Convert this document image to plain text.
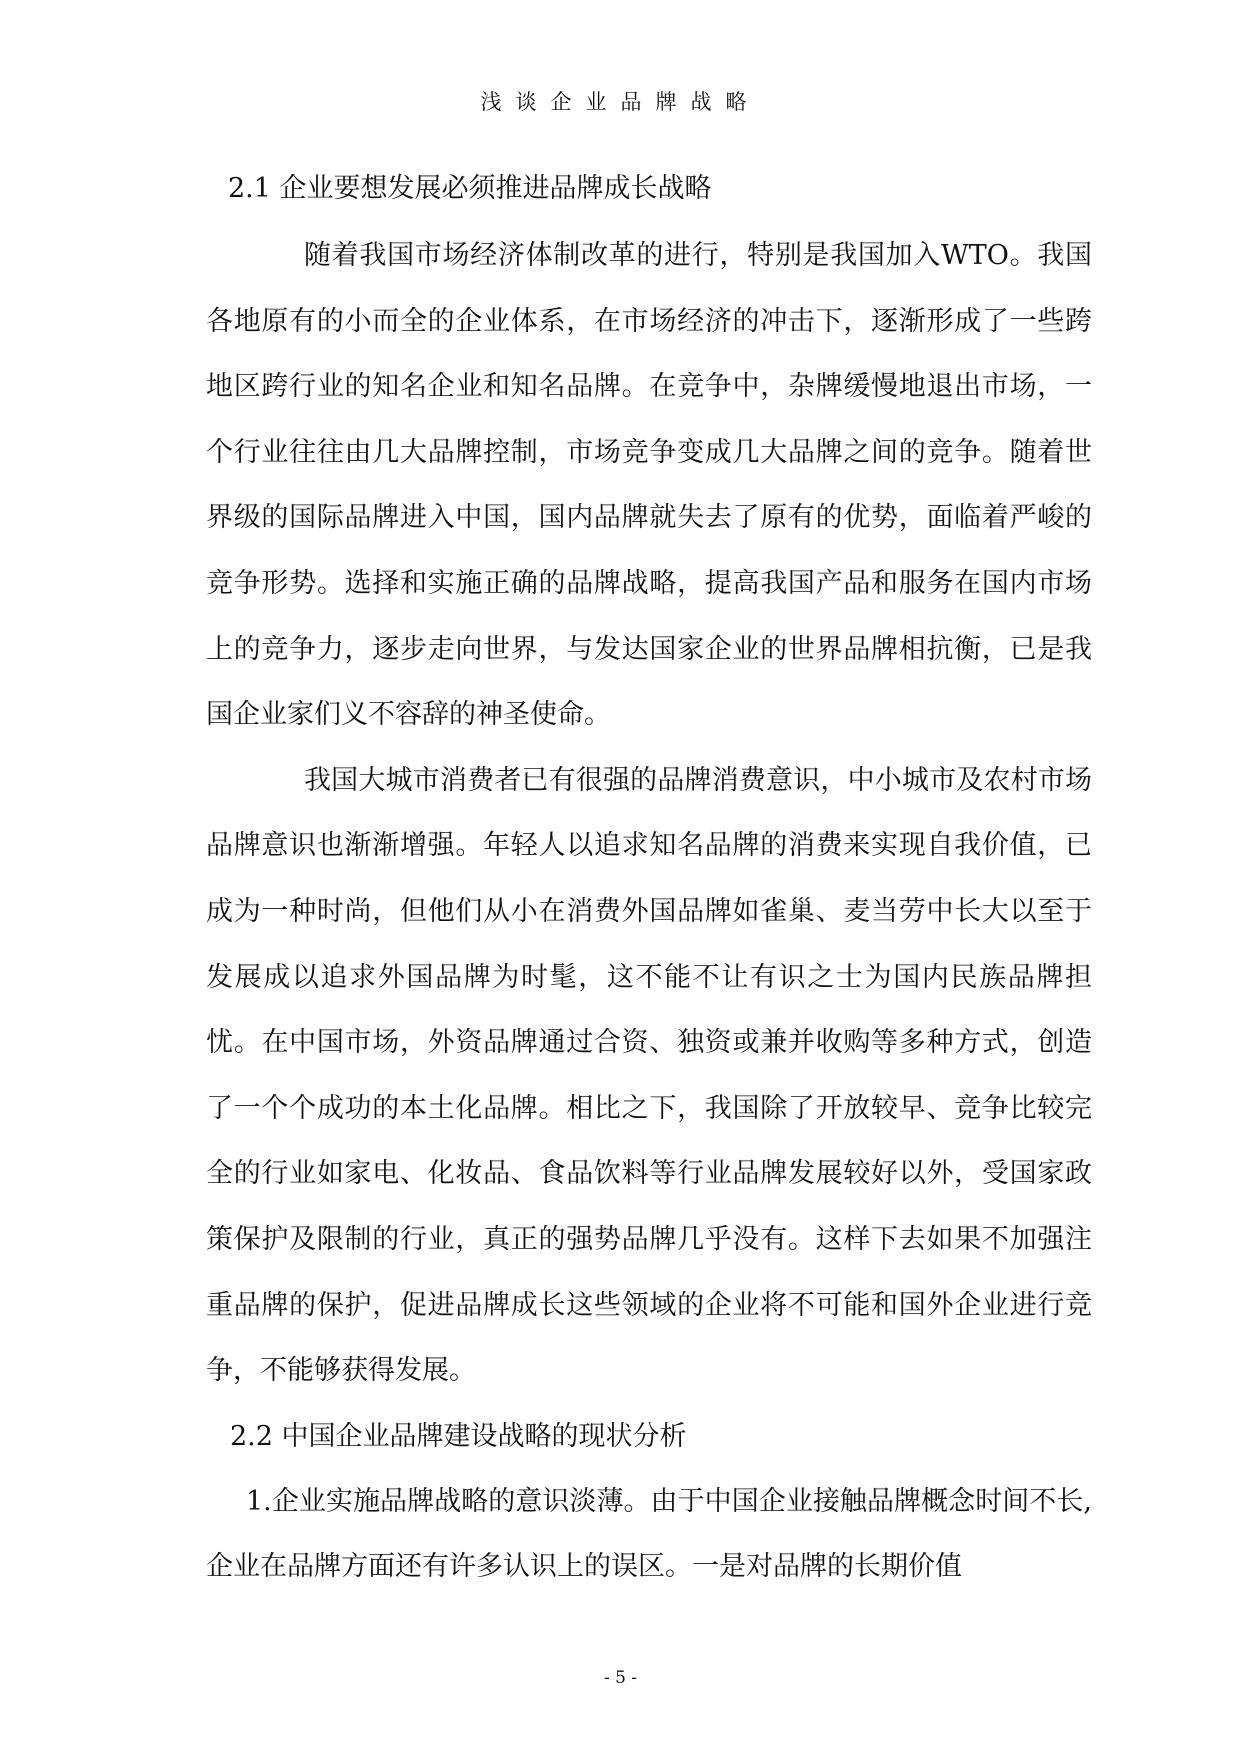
浅谈企业品牌战略
2.1 企业要想发展必须推进品牌成长战略

随着我国市场经济体制改革的进行，特别是我国加入WTO。我国各地原有的小而全的企业体系，在市场经济的冲击下，逐渐形成了一些跨地区跨行业的知名企业和知名品牌。在竞争中，杂牌缓慢地退出市场，一个行业往往由几大品牌控制，市场竞争变成几大品牌之间的竞争。随着世界级的国际品牌进入中国，国内品牌就失去了原有的优势，面临着严峻的竞争形势。选择和实施正确的品牌战略，提高我国产品和服务在国内市场上的竞争力，逐步走向世界，与发达国家企业的世界品牌相抗衡，已是我国企业家们义不容辞的神圣使命。

我国大城市消费者已有很强的品牌消费意识，中小城市及农村市场品牌意识也渐渐增强。年轻人以追求知名品牌的消费来实现自我价值，已成为一种时尚，但他们从小在消费外国品牌如雀巢、麦当劳中长大以至于发展成以追求外国品牌为时髦，这不能不让有识之士为国内民族品牌担忧。在中国市场，外资品牌通过合资、独资或兼并收购等多种方式，创造了一个个成功的本土化品牌。相比之下，我国除了开放较早、竞争比较完全的行业如家电、化妆品、食品饮料等行业品牌发展较好以外，受国家政策保护及限制的行业，真正的强势品牌几乎没有。这样下去如果不加强注重品牌的保护，促进品牌成长这些领域的企业将不可能和国外企业进行竞争，不能够获得发展。

2.2 中国企业品牌建设战略的现状分析

1.企业实施品牌战略的意识淡薄。由于中国企业接触品牌概念时间不长,企业在品牌方面还有许多认识上的误区。一是对品牌的长期价值

- 5 -
